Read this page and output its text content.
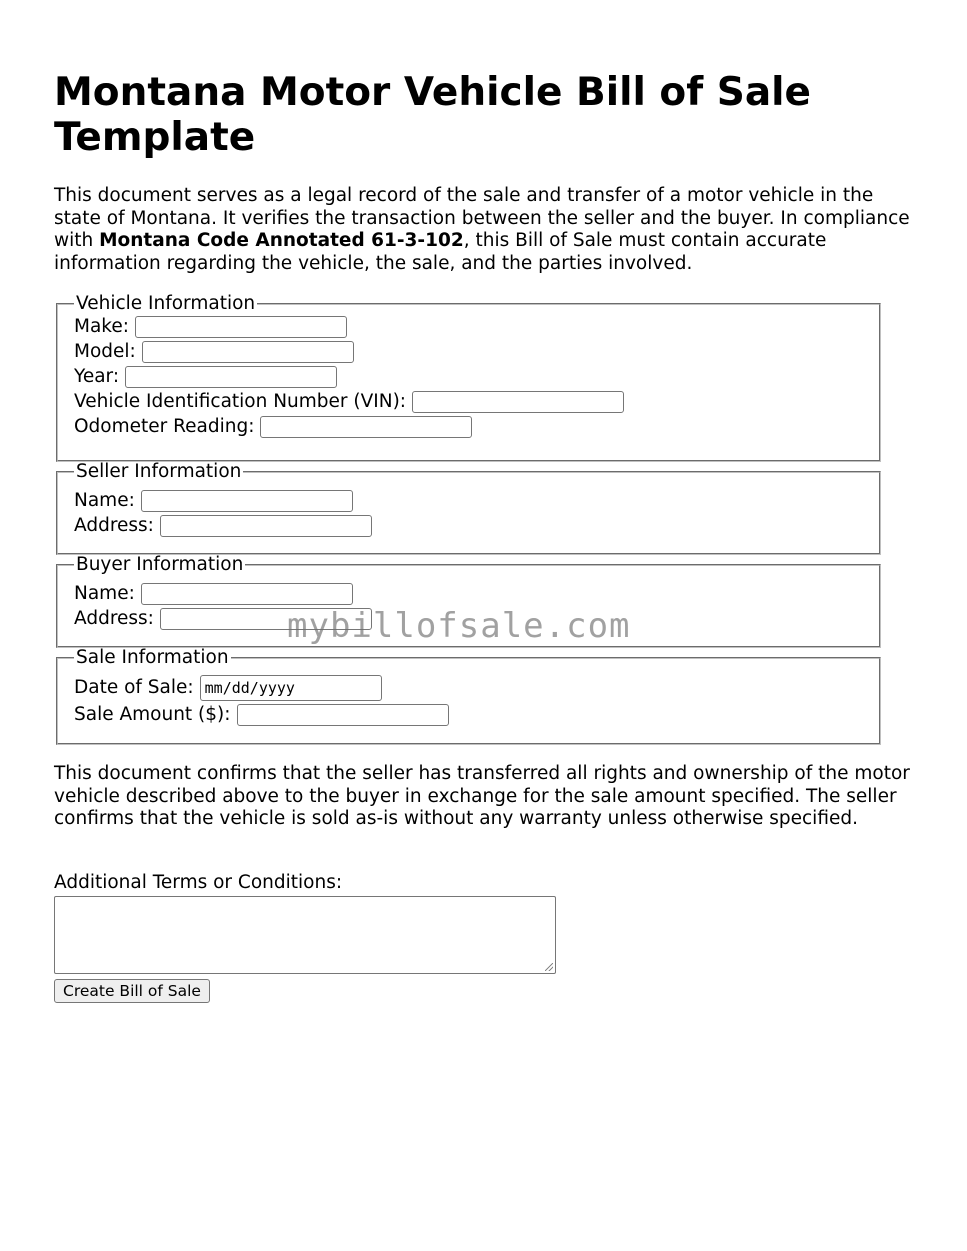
Montana Motor Vehicle Bill of Sale Template

This document serves as a legal record of the sale and transfer of a motor vehicle in the state of Montana. It verifies the transaction between the seller and the buyer. In compliance with Montana Code Annotated 61-3-102, this Bill of Sale must contain accurate information regarding the vehicle, the sale, and the parties involved.

Vehicle Information
Make:
Model:
Year:
Vehicle Identification Number (VIN):
Odometer Reading:
Seller Information
Name:
Address:
Buyer Information
Name:
Address:
Sale Information
Date of Sale: mm/dd/yyyy
Sale Amount ($):

This document confirms that the seller has transferred all rights and ownership of the motor vehicle described above to the buyer in exchange for the sale amount specified. The seller confirms that the vehicle is sold as-is without any warranty unless otherwise specified.

Additional Terms or Conditions:
Create Bill of Sale
mybillofsale.com
